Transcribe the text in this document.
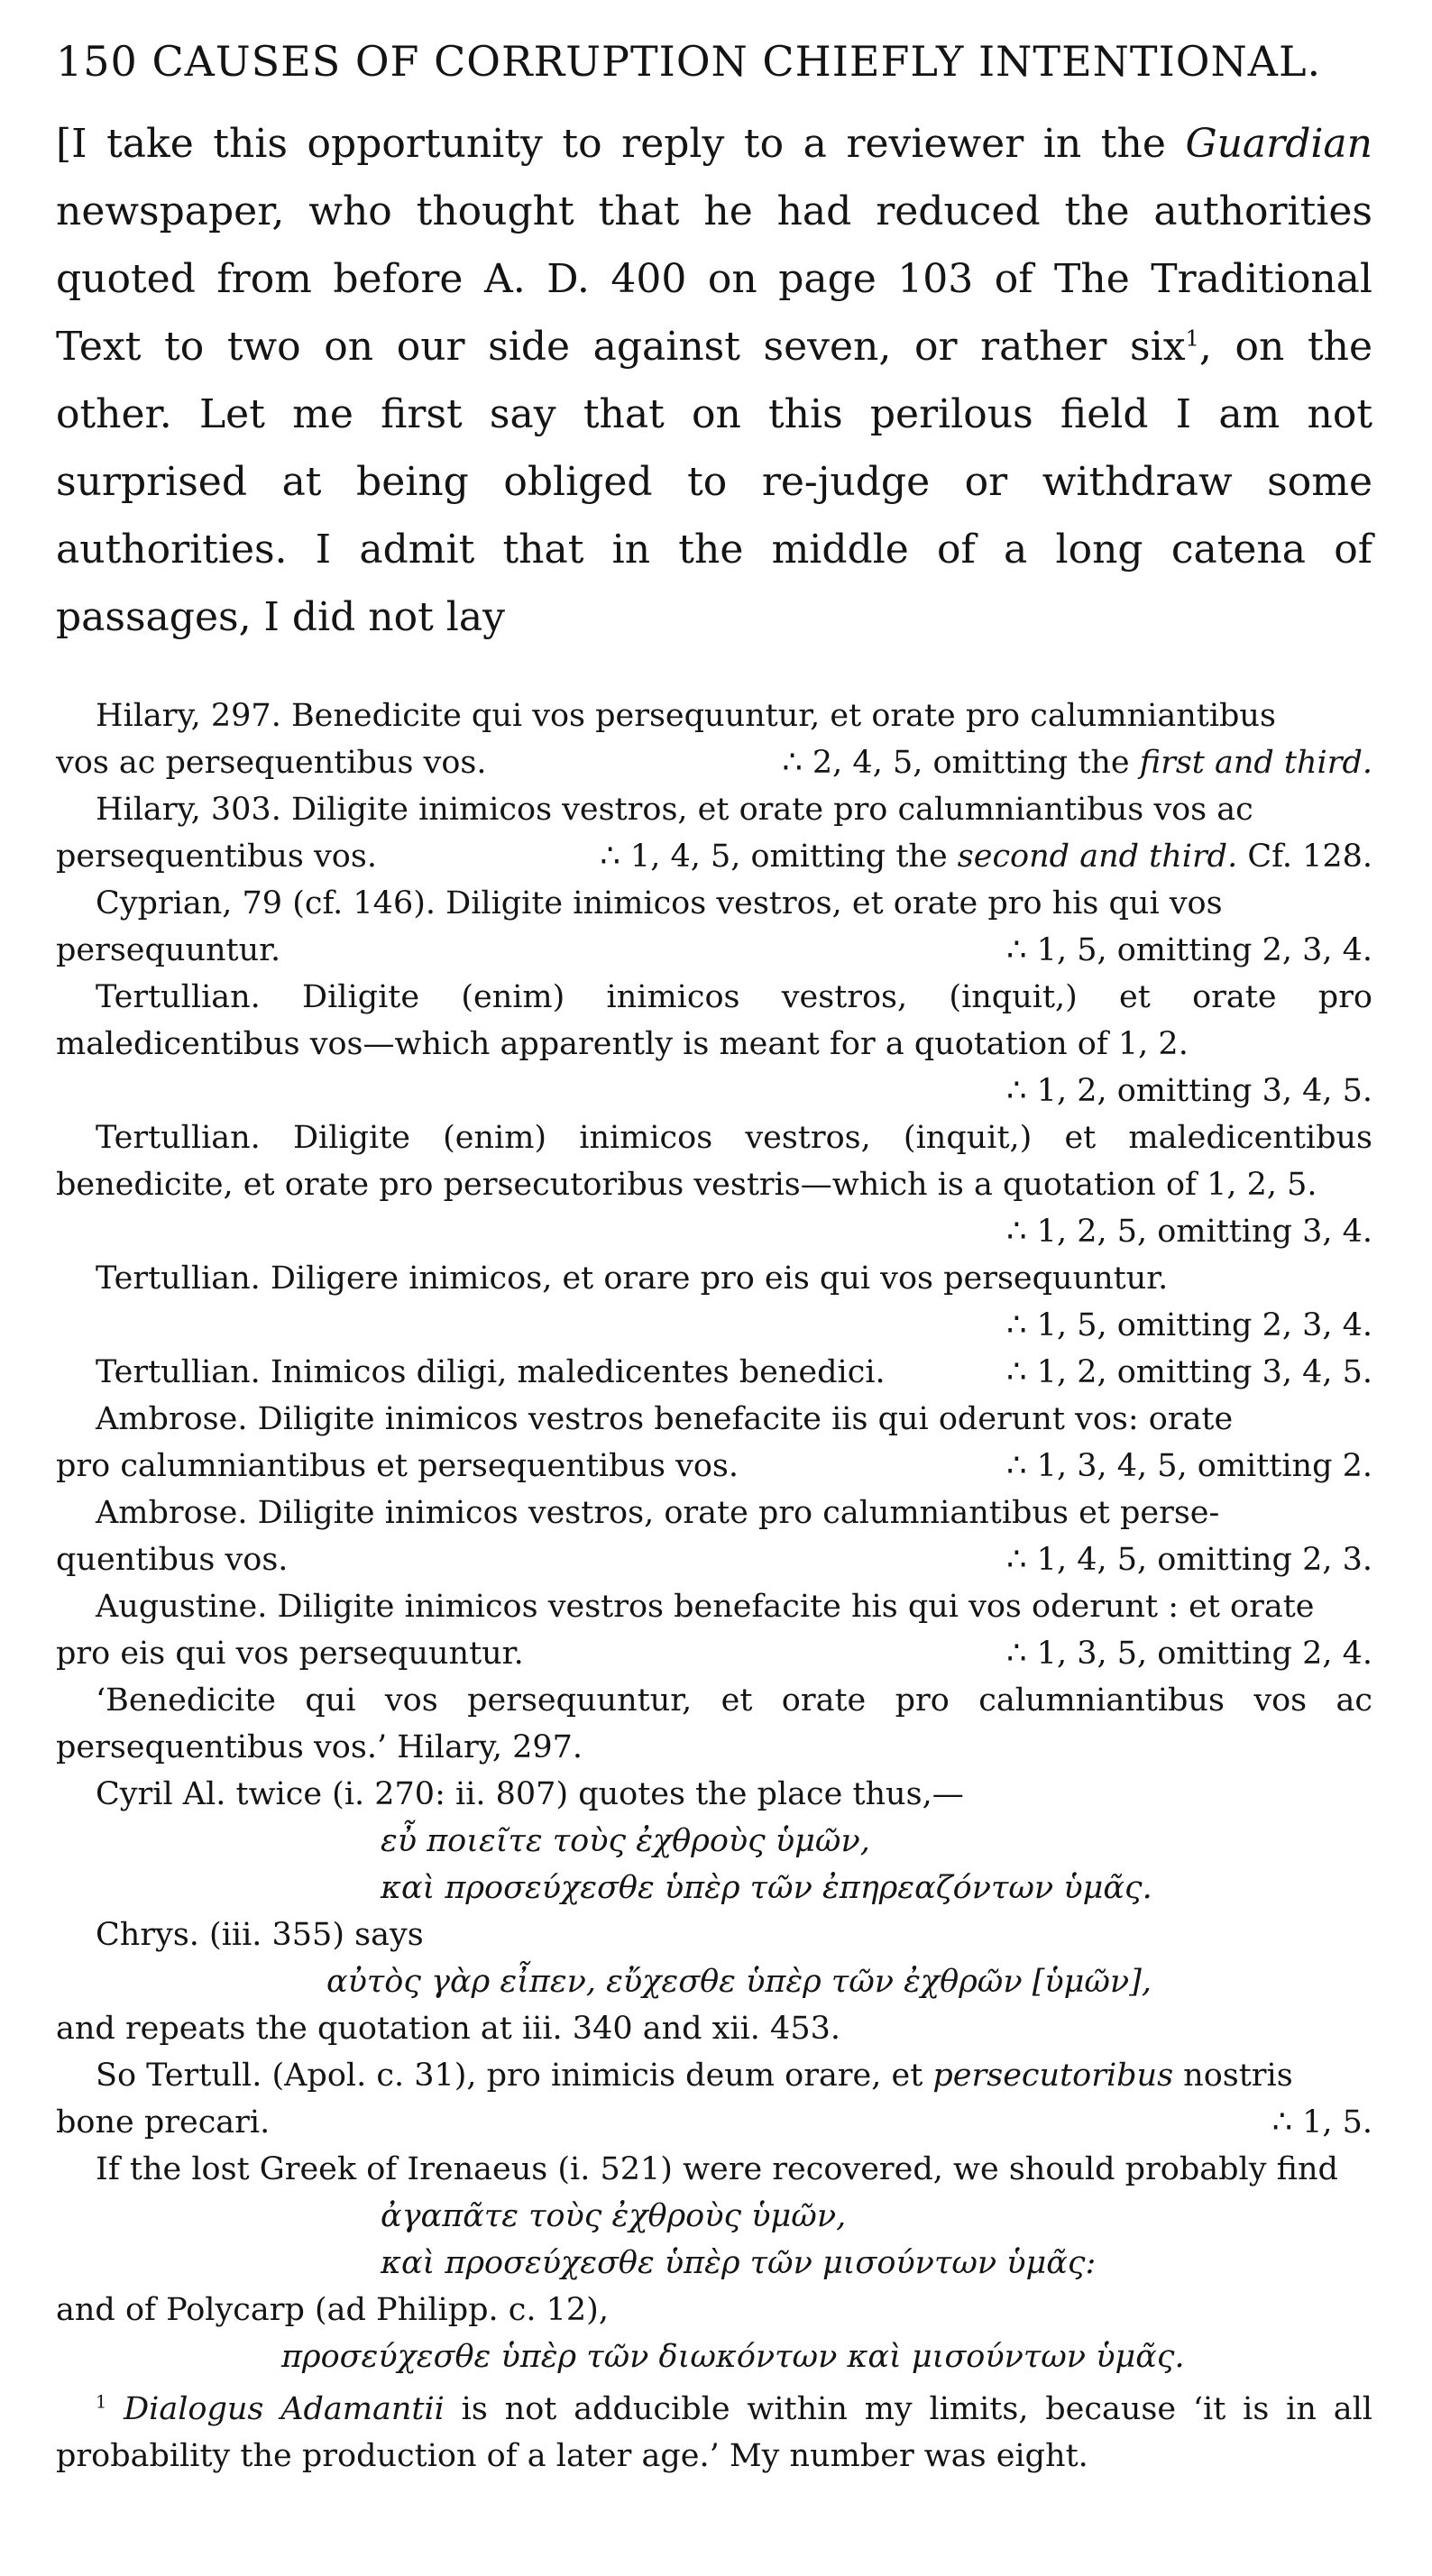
150 CAUSES OF CORRUPTION CHIEFLY INTENTIONAL.

[I take this opportunity to reply to a reviewer in the Guardian newspaper, who thought that he had reduced the authorities quoted from before A. D. 400 on page 103 of The Traditional Text to two on our side against seven, or rather six$^1$, on the other. Let me first say that on this perilous field I am not surprised at being obliged to re-judge or withdraw some authorities. I admit that in the middle of a long catena of passages, I did not lay

Hilary, 297. Benedicite qui vos persequuntur, et orate pro calumniantibus
vos ac persequentibus vos.	∴ 2, 4, 5, omitting the first and third.
Hilary, 303. Diligite inimicos vestros, et orate pro calumniantibus vos ac
persequentibus vos.	∴ 1, 4, 5, omitting the second and third. Cf. 128.
Cyprian, 79 (cf. 146). Diligite inimicos vestros, et orate pro his qui vos
persequuntur.	∴ 1, 5, omitting 2, 3, 4.
Tertullian. Diligite (enim) inimicos vestros, (inquit,) et orate pro maledicentibus vos—which apparently is meant for a quotation of 1, 2.
∴ 1, 2, omitting 3, 4, 5.
Tertullian. Diligite (enim) inimicos vestros, (inquit,) et maledicentibus benedicite, et orate pro persecutoribus vestris—which is a quotation of 1, 2, 5.
∴ 1, 2, 5, omitting 3, 4.
Tertullian. Diligere inimicos, et orare pro eis qui vos persequuntur.
∴ 1, 5, omitting 2, 3, 4.
Tertullian. Inimicos diligi, maledicentes benedici.	∴ 1, 2, omitting 3, 4, 5.
Ambrose. Diligite inimicos vestros benefacite iis qui oderunt vos: orate
pro calumniantibus et persequentibus vos.	∴ 1, 3, 4, 5, omitting 2.
Ambrose. Diligite inimicos vestros, orate pro calumniantibus et perse-
quentibus vos.	∴ 1, 4, 5, omitting 2, 3.
Augustine. Diligite inimicos vestros benefacite his qui vos oderunt : et orate
pro eis qui vos persequuntur.	∴ 1, 3, 5, omitting 2, 4.
‘Benedicite qui vos persequuntur, et orate pro calumniantibus vos ac persequentibus vos.’ Hilary, 297.
Cyril Al. twice (i. 270: ii. 807) quotes the place thus,—
εὖ ποιεῖτε τοὺς ἐχθροὺς ὑμῶν,
καὶ προσεύχεσθε ὑπὲρ τῶν ἐπηρεαζόντων ὑμᾶς.
Chrys. (iii. 355) says
αὐτὸς γὰρ εἶπεν, εὔχεσθε ὑπὲρ τῶν ἐχθρῶν [ὑμῶν],
and repeats the quotation at iii. 340 and xii. 453.
So Tertull. (Apol. c. 31), pro inimicis deum orare, et persecutoribus nostris
bone precari.	∴ 1, 5.
If the lost Greek of Irenaeus (i. 521) were recovered, we should probably find
ἀγαπᾶτε τοὺς ἐχθροὺς ὑμῶν,
καὶ προσεύχεσθε ὑπὲρ τῶν μισούντων ὑμᾶς:
and of Polycarp (ad Philipp. c. 12),
προσεύχεσθε ὑπὲρ τῶν διωκόντων καὶ μισούντων ὑμᾶς.
$^1$ Dialogus Adamantii is not adducible within my limits, because ‘it is in all probability the production of a later age.’ My number was eight.
